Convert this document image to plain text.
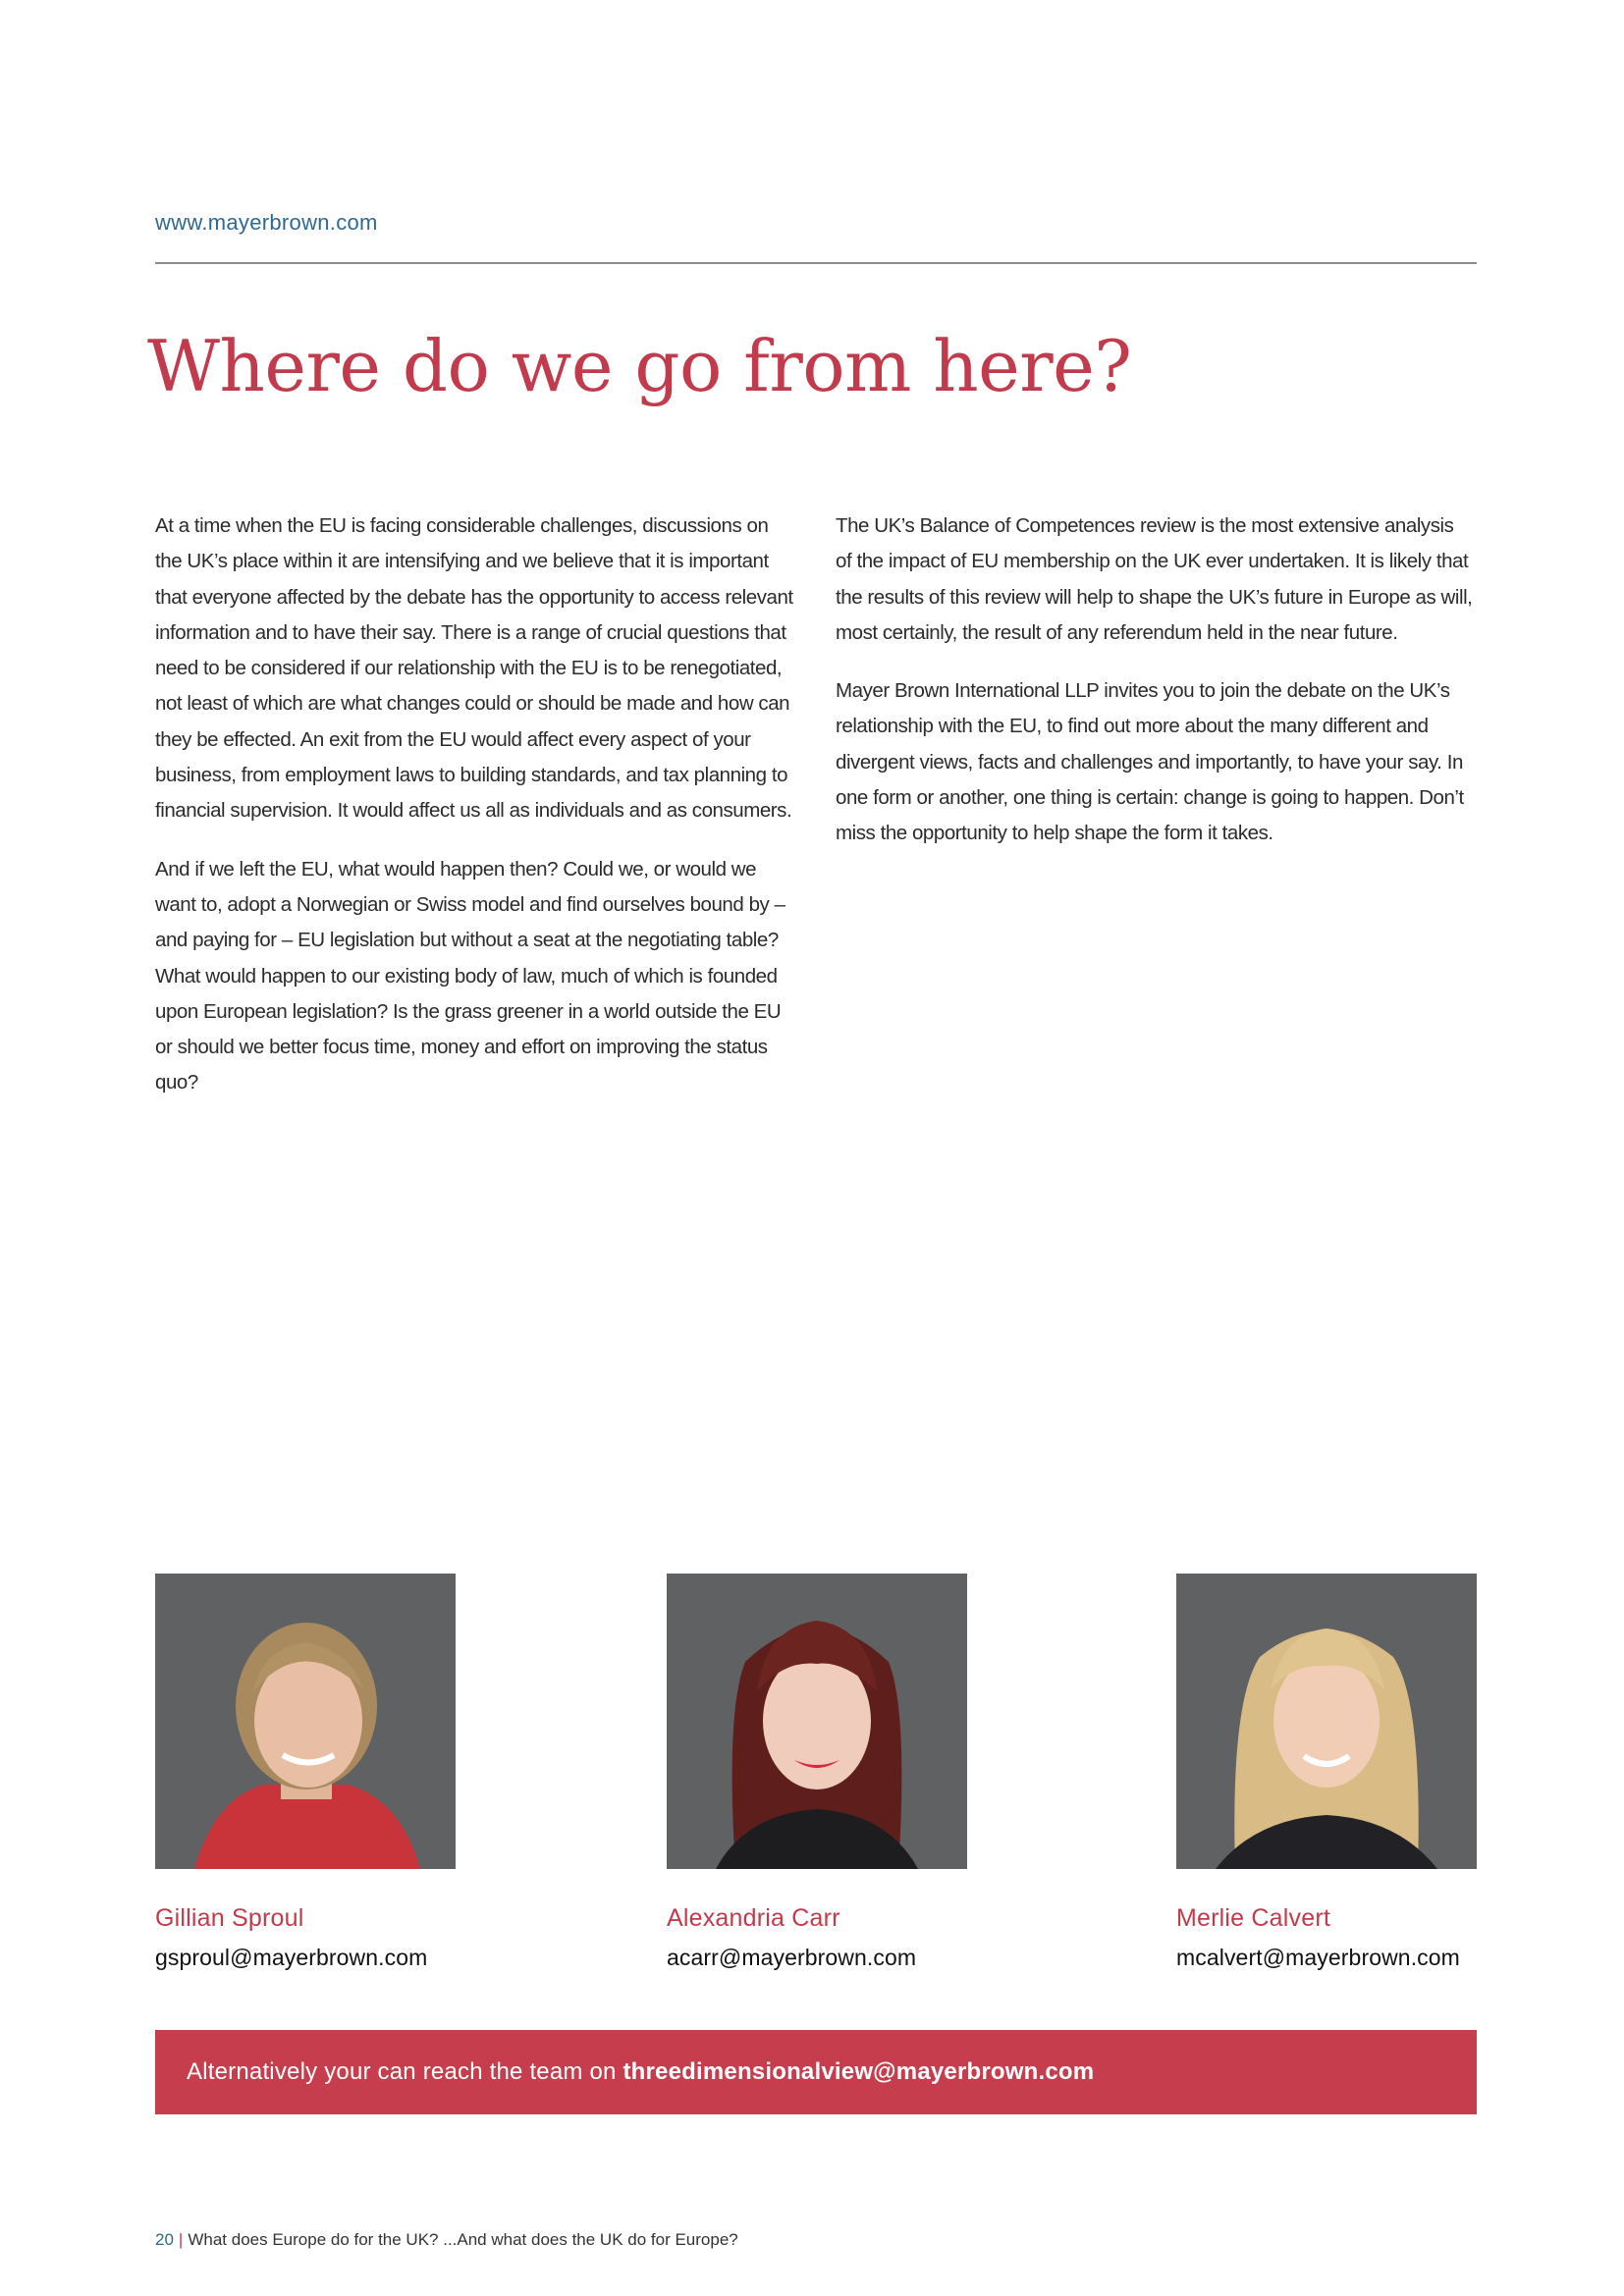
www.mayerbrown.com
Where do we go from here?

At a time when the EU is facing considerable challenges, discussions on the UK’s place within it are intensifying and we believe that it is important that everyone affected by the debate has the opportunity to access relevant information and to have their say. There is a range of crucial questions that need to be considered if our relationship with the EU is to be renegotiated, not least of which are what changes could or should be made and how can they be effected. An exit from the EU would affect every aspect of your business, from employment laws to building standards, and tax planning to financial supervision. It would affect us all as individuals and as consumers.

And if we left the EU, what would happen then? Could we, or would we want to, adopt a Norwegian or Swiss model and find ourselves bound by – and paying for – EU legislation but without a seat at the negotiating table? What would happen to our existing body of law, much of which is founded upon European legislation? Is the grass greener in a world outside the EU or should we better focus time, money and effort on improving the status quo?

The UK’s Balance of Competences review is the most extensive analysis of the impact of EU membership on the UK ever undertaken. It is likely that the results of this review will help to shape the UK’s future in Europe as will, most certainly, the result of any referendum held in the near future.

Mayer Brown International LLP invites you to join the debate on the UK’s relationship with the EU, to find out more about the many different and divergent views, facts and challenges and importantly, to have your say. In one form or another, one thing is certain: change is going to happen. Don’t miss the opportunity to help shape the form it takes.

Gillian Sproul
gsproul@mayerbrown.com
Alexandria Carr
acarr@mayerbrown.com
Merlie Calvert
mcalvert@mayerbrown.com
Alternatively your can reach the team on threedimensionalview@mayerbrown.com
20 | What does Europe do for the UK? ...And what does the UK do for Europe?
